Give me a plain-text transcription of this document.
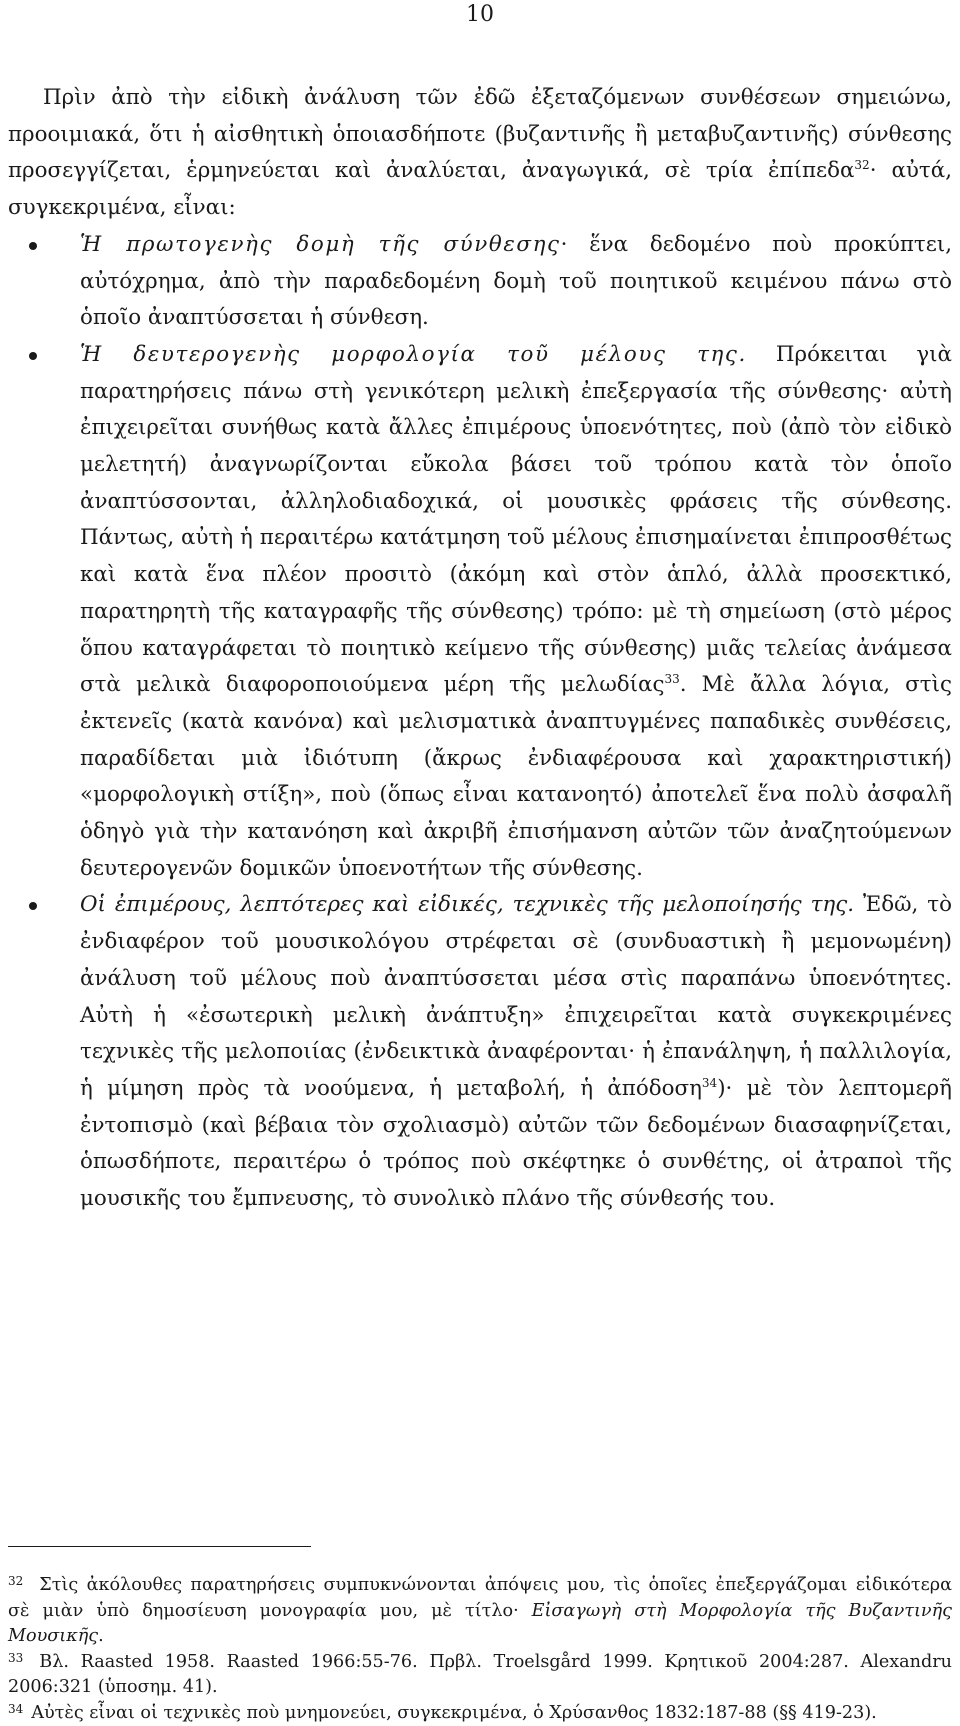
10

Πρὶν ἀπὸ τὴν εἰδικὴ ἀνάλυση τῶν ἐδῶ ἐξεταζόμενων συνθέσεων σημειώνω, προοιμιακά, ὅτι ἡ αἰσθητικὴ ὁποιασδήποτε (βυζαντινῆς ἢ μεταβυζαντινῆς) σύνθεσης προσεγγίζεται, ἑρμηνεύεται καὶ ἀναλύεται, ἀναγωγικά, σὲ τρία ἐπίπεδα$^{32}$· αὐτά, συγκεκριμένα, εἶναι:

Ἡ πρωτογενὴς δομὴ τῆς σύνθεσης· ἕνα δεδομένο ποὺ προκύπτει, αὐτόχρημα, ἀπὸ τὴν παραδεδομένη δομὴ τοῦ ποιητικοῦ κειμένου πάνω στὸ ὁποῖο ἀναπτύσσεται ἡ σύνθεση.
Ἡ δευτερογενὴς μορφολογία τοῦ μέλους της. Πρόκειται γιὰ παρατηρήσεις πάνω στὴ γενικότερη μελικὴ ἐπεξεργασία τῆς σύνθεσης· αὐτὴ ἐπιχειρεῖται συνήθως κατὰ ἄλλες ἐπιμέρους ὑποενότητες, ποὺ (ἀπὸ τὸν εἰδικὸ μελετητή) ἀναγνωρίζονται εὔκολα βάσει τοῦ τρόπου κατὰ τὸν ὁποῖο ἀναπτύσσονται, ἀλληλοδιαδοχικά, οἱ μουσικὲς φράσεις τῆς σύνθεσης. Πάντως, αὐτὴ ἡ περαιτέρω κατάτμηση τοῦ μέλους ἐπισημαίνεται ἐπιπροσθέτως καὶ κατὰ ἕνα πλέον προσιτὸ (ἀκόμη καὶ στὸν ἁπλό, ἀλλὰ προσεκτικό, παρατηρητὴ τῆς καταγραφῆς τῆς σύνθεσης) τρόπο: μὲ τὴ σημείωση (στὸ μέρος ὅπου καταγράφεται τὸ ποιητικὸ κείμενο τῆς σύνθεσης) μιᾶς τελείας ἀνάμεσα στὰ μελικὰ διαφοροποιούμενα μέρη τῆς μελωδίας$^{33}$. Μὲ ἄλλα λόγια, στὶς ἐκτενεῖς (κατὰ κανόνα) καὶ μελισματικὰ ἀναπτυγμένες παπαδικὲς συνθέσεις, παραδίδεται μιὰ ἰδιότυπη (ἄκρως ἐνδιαφέρουσα καὶ χαρακτηριστική) «μορφολογικὴ στίξη», ποὺ (ὅπως εἶναι κατανοητό) ἀποτελεῖ ἕνα πολὺ ἀσφαλῆ ὁδηγὸ γιὰ τὴν κατανόηση καὶ ἀκριβῆ ἐπισήμανση αὐτῶν τῶν ἀναζητούμενων δευτερογενῶν δομικῶν ὑποενοτήτων τῆς σύνθεσης.
Οἱ ἐπιμέρους, λεπτότερες καὶ εἰδικές, τεχνικὲς τῆς μελοποίησής της. Ἐδῶ, τὸ ἐνδιαφέρον τοῦ μουσικολόγου στρέφεται σὲ (συνδυαστικὴ ἢ μεμονωμένη) ἀνάλυση τοῦ μέλους ποὺ ἀναπτύσσεται μέσα στὶς παραπάνω ὑποενότητες. Αὐτὴ ἡ «ἐσωτερικὴ μελικὴ ἀνάπτυξη» ἐπιχειρεῖται κατὰ συγκεκριμένες τεχνικὲς τῆς μελοποιίας (ἐνδεικτικὰ ἀναφέρονται· ἡ ἐπανάληψη, ἡ παλλιλογία, ἡ μίμηση πρὸς τὰ νοούμενα, ἡ μεταβολή, ἡ ἀπόδοση$^{34}$)· μὲ τὸν λεπτομερῆ ἐντοπισμὸ (καὶ βέβαια τὸν σχολιασμὸ) αὐτῶν τῶν δεδομένων διασαφηνίζεται, ὁπωσδήποτε, περαιτέρω ὁ τρόπος ποὺ σκέφτηκε ὁ συνθέτης, οἱ ἀτραποὶ τῆς μουσικῆς του ἔμπνευσης, τὸ συνολικὸ πλάνο τῆς σύνθεσής του.

$^{32}$ Στὶς ἀκόλουθες παρατηρήσεις συμπυκνώνονται ἀπόψεις μου, τὶς ὁποῖες ἐπεξεργάζομαι εἰδικότερα σὲ μιὰν ὑπὸ δημοσίευση μονογραφία μου, μὲ τίτλο· Εἰσαγωγὴ στὴ Μορφολογία τῆς Βυζαντινῆς Μουσικῆς.

$^{33}$ Βλ. Raasted 1958. Raasted 1966:55-76. Πρβλ. Troelsgård 1999. Κρητικοῦ 2004:287. Alexandru 2006:321 (ὑποσημ. 41).

$^{34}$ Αὐτὲς εἶναι οἱ τεχνικὲς ποὺ μνημονεύει, συγκεκριμένα, ὁ Χρύσανθος 1832:187-88 (§§ 419-23).
